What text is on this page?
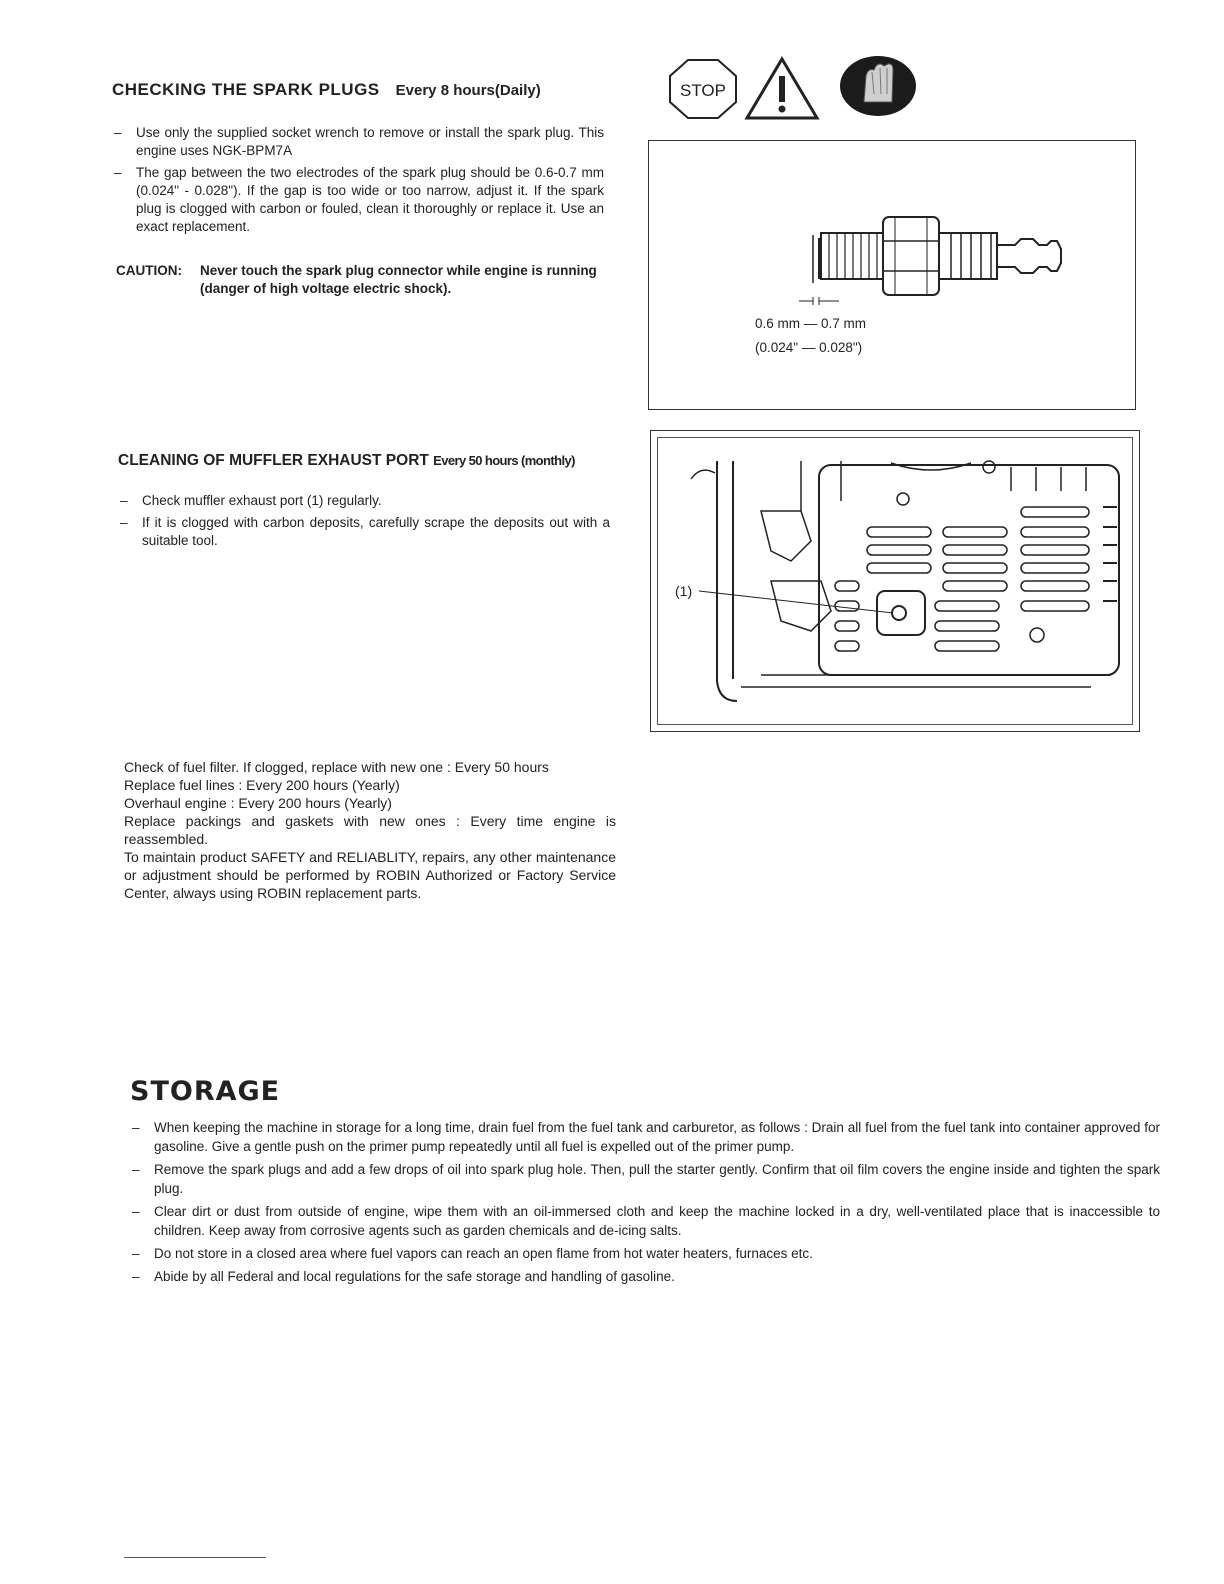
CHECKING THE SPARK PLUGS Every 8 hours(Daily)
– Use only the supplied socket wrench to remove or install the spark plug. This engine uses NGK-BPM7A
– The gap between the two electrodes of the spark plug should be 0.6-0.7 mm (0.024" - 0.028"). If the gap is too wide or too narrow, adjust it. If the spark plug is clogged with carbon or fouled, clean it thoroughly or replace it. Use an exact replacement.
CAUTION: Never touch the spark plug connector while engine is running (danger of high voltage electric shock).
STOP
0.6 mm — 0.7 mm
(0.024" — 0.028")
CLEANING OF MUFFLER EXHAUST PORT Every 50 hours (monthly)
– Check muffler exhaust port (1) regularly.
– If it is clogged with carbon deposits, carefully scrape the deposits out with a suitable tool.
(1)

Check of fuel filter. If clogged, replace with new one : Every 50 hours

Replace fuel lines : Every 200 hours (Yearly)

Overhaul engine : Every 200 hours (Yearly)

Replace packings and gaskets with new ones : Every time engine is reassembled.

To maintain product SAFETY and RELIABLITY, repairs, any other maintenance or adjustment should be performed by ROBIN Authorized or Factory Service Center, always using ROBIN replacement parts.

STORAGE
– When keeping the machine in storage for a long time, drain fuel from the fuel tank and carburetor, as follows : Drain all fuel from the fuel tank into container approved for gasoline. Give a gentle push on the primer pump repeatedly until all fuel is expelled out of the primer pump.
– Remove the spark plugs and add a few drops of oil into spark plug hole. Then, pull the starter gently. Confirm that oil film covers the engine inside and tighten the spark plug.
– Clear dirt or dust from outside of engine, wipe them with an oil-immersed cloth and keep the machine locked in a dry, well-ventilated place that is inaccessible to children. Keep away from corrosive agents such as garden chemicals and de-icing salts.
– Do not store in a closed area where fuel vapors can reach an open flame from hot water heaters, furnaces etc.
– Abide by all Federal and local regulations for the safe storage and handling of gasoline.
